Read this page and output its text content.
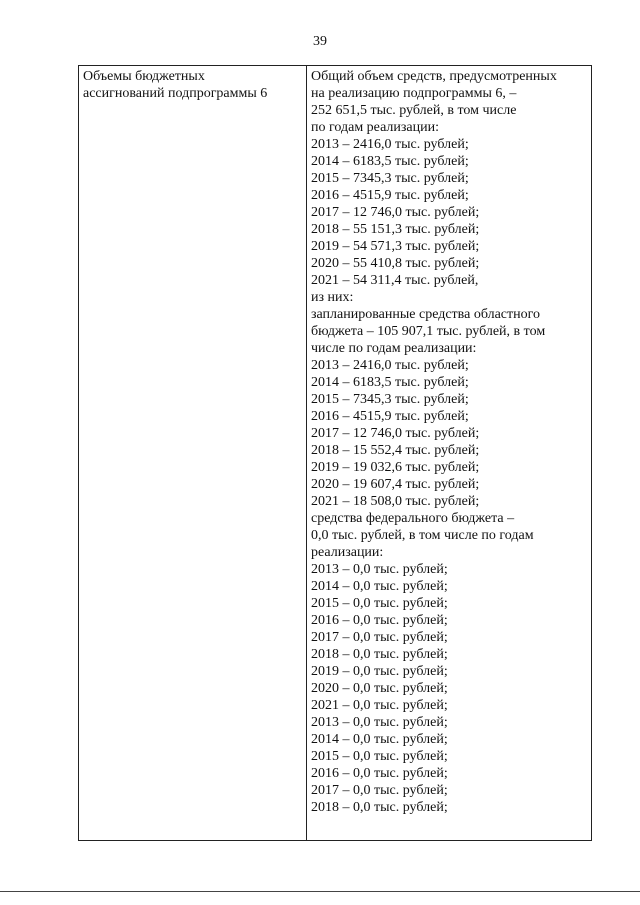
39
Объемы бюджетных
ассигнований подпрограммы 6

Общий объем средств, предусмотренных
на реализацию подпрограммы 6, –
252 651,5 тыс. рублей, в том числе
по годам реализации:
2013 – 2416,0 тыс. рублей;
2014 – 6183,5 тыс. рублей;
2015 – 7345,3 тыс. рублей;
2016 – 4515,9 тыс. рублей;
2017 – 12 746,0 тыс. рублей;
2018 – 55 151,3 тыс. рублей;
2019 – 54 571,3 тыс. рублей;
2020 – 55 410,8 тыс. рублей;
2021 – 54 311,4 тыс. рублей,
из них:
запланированные средства областного
бюджета – 105 907,1 тыс. рублей, в том
числе по годам реализации:
2013 – 2416,0 тыс. рублей;
2014 – 6183,5 тыс. рублей;
2015 – 7345,3 тыс. рублей;
2016 – 4515,9 тыс. рублей;
2017 – 12 746,0 тыс. рублей;
2018 – 15 552,4 тыс. рублей;
2019 – 19 032,6 тыс. рублей;
2020 – 19 607,4 тыс. рублей;
2021 – 18 508,0 тыс. рублей;
средства федерального бюджета –
0,0 тыс. рублей, в том числе по годам
реализации:
2013 – 0,0 тыс. рублей;
2014 – 0,0 тыс. рублей;
2015 – 0,0 тыс. рублей;
2016 – 0,0 тыс. рублей;
2017 – 0,0 тыс. рублей;
2018 – 0,0 тыс. рублей;
2019 – 0,0 тыс. рублей;
2020 – 0,0 тыс. рублей;
2021 – 0,0 тыс. рублей;
2013 – 0,0 тыс. рублей;
2014 – 0,0 тыс. рублей;
2015 – 0,0 тыс. рублей;
2016 – 0,0 тыс. рублей;
2017 – 0,0 тыс. рублей;
2018 – 0,0 тыс. рублей;
